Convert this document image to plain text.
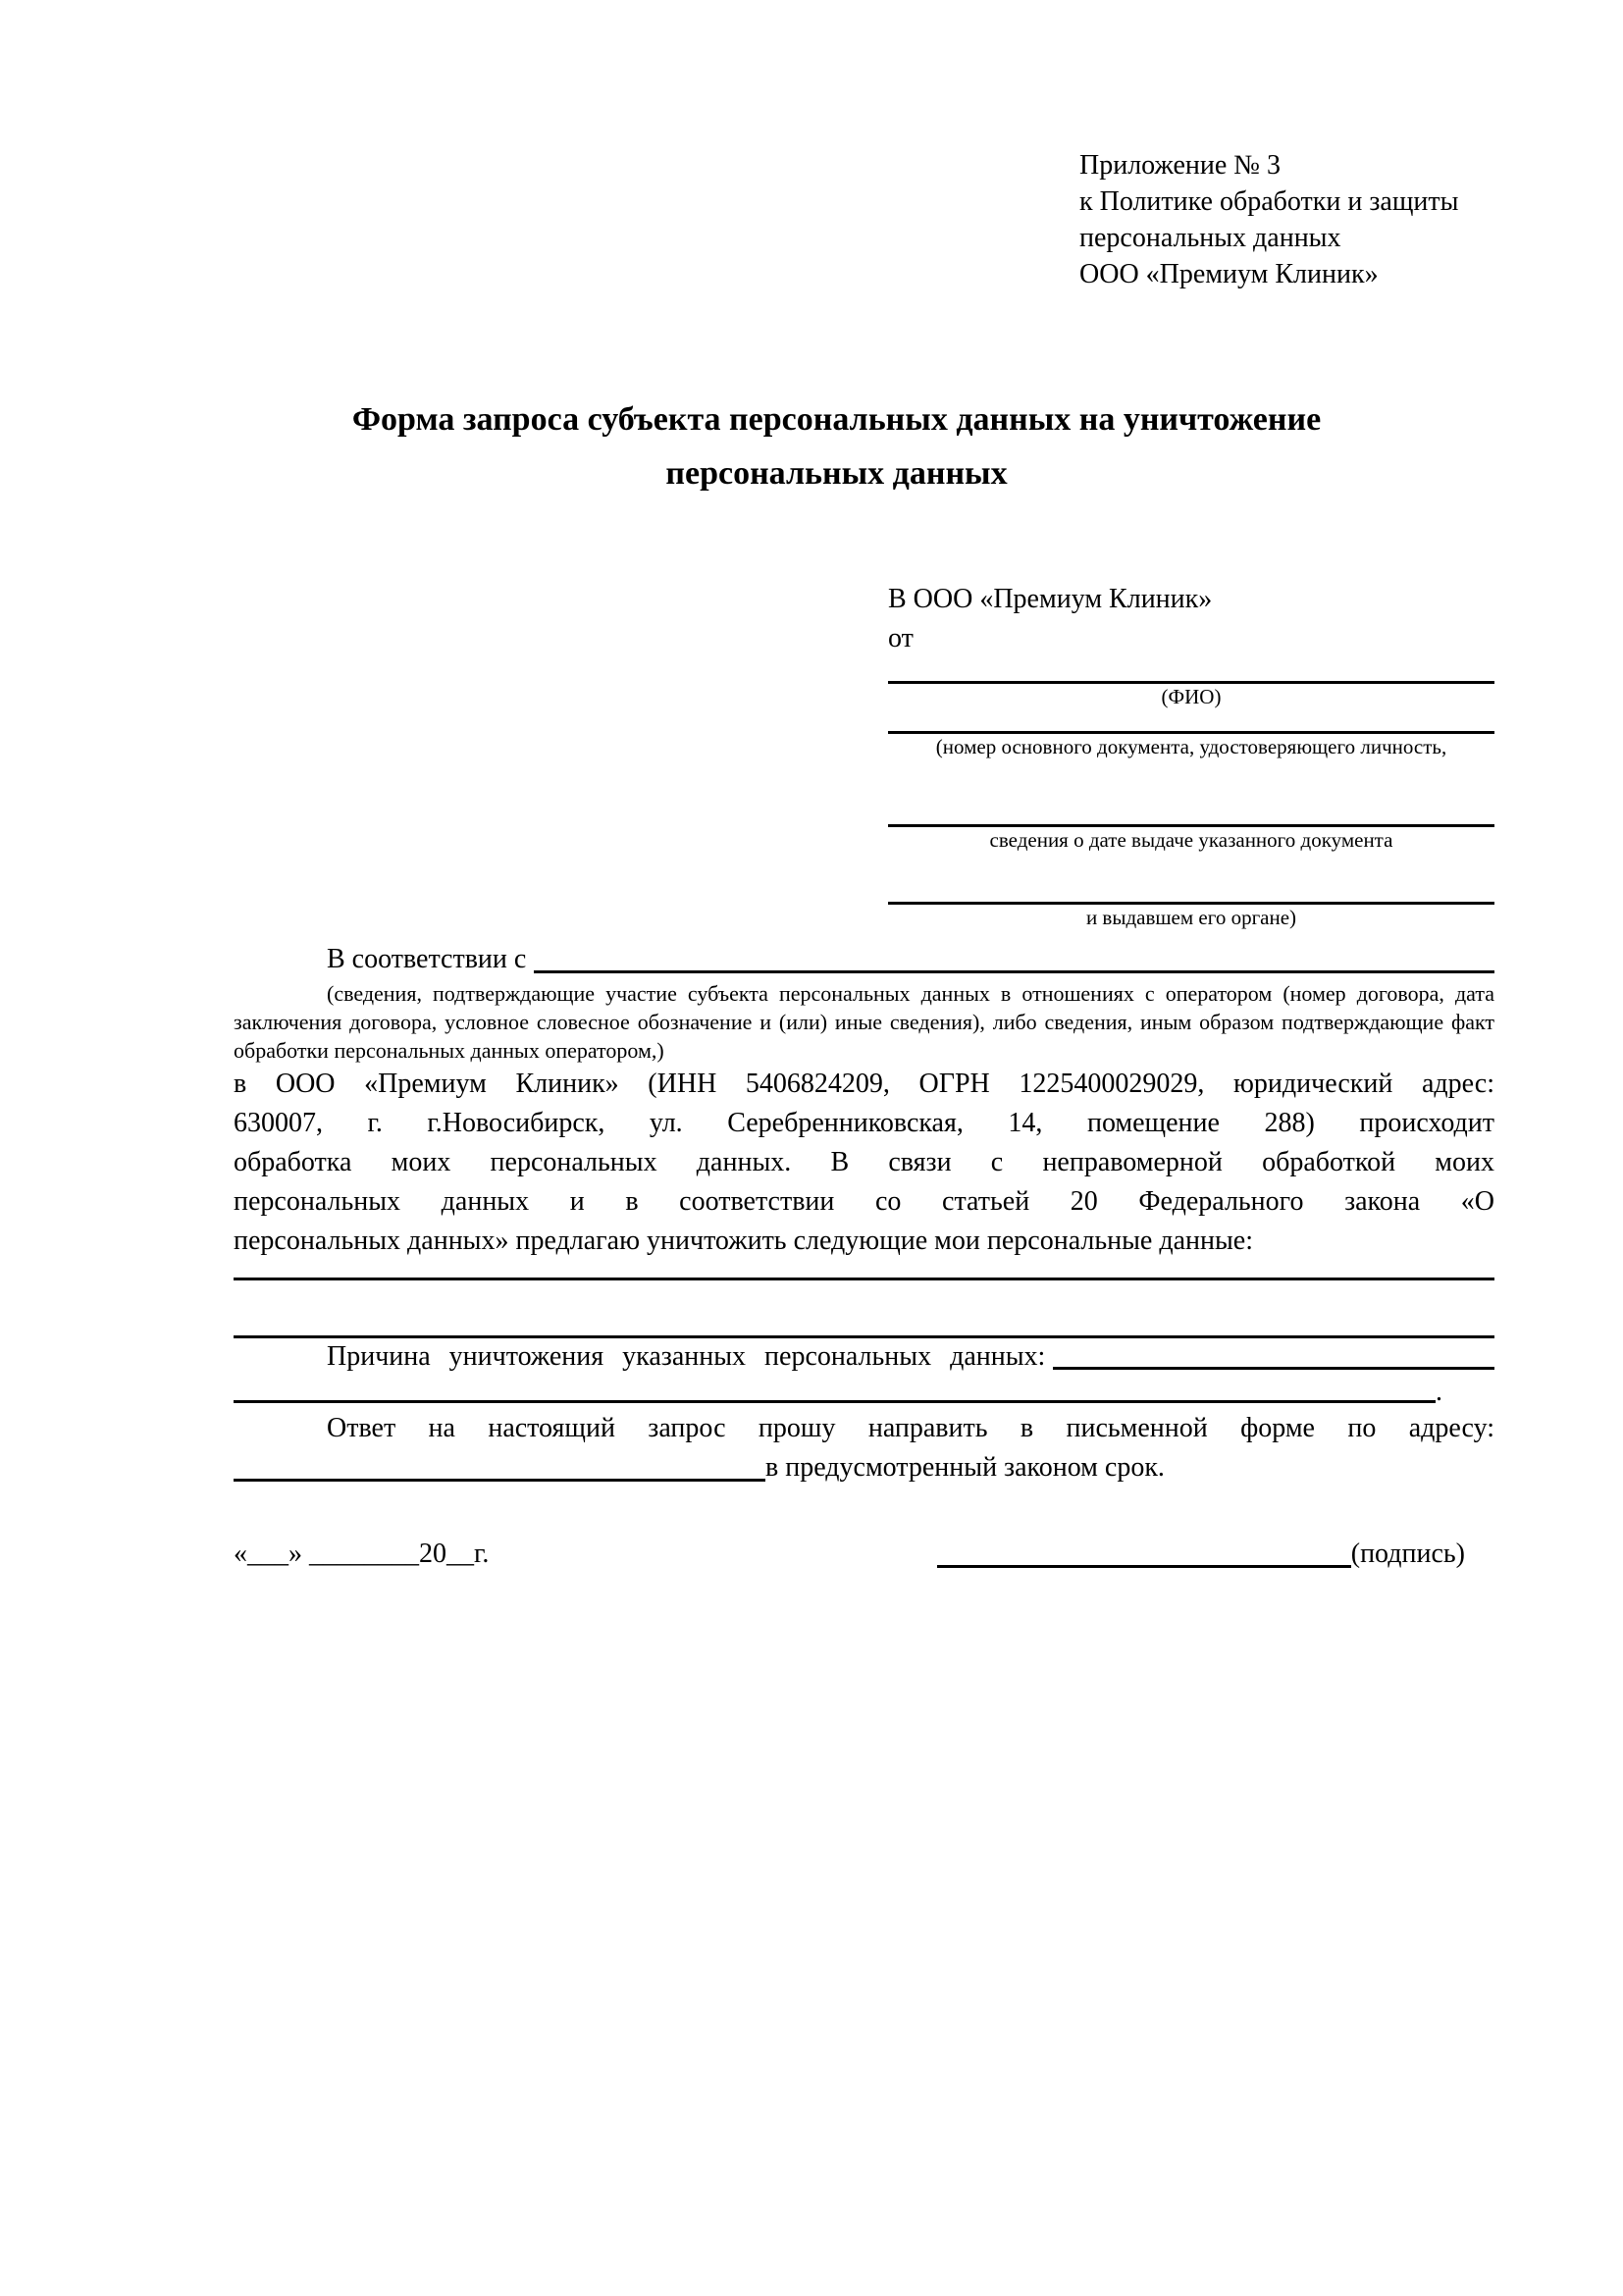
Приложение № 3
к Политике обработки и защиты
персональных данных
ООО «Премиум Клиник»
Форма запроса субъекта персональных данных на уничтожение
персональных данных
В ООО «Премиум Клиник»
от
(ФИО)
(номер основного документа, удостоверяющего личность,
сведения о дате выдаче указанного документа
и выдавшем его органе)
В соответствии с
(сведения, подтверждающие участие субъекта персональных данных в отношениях с оператором (номер договора, дата
заключения договора, условное словесное обозначение и (или) иные сведения), либо сведения, иным образом подтверждающие факт
обработки персональных данных оператором,)
в ООО «Премиум Клиник» (ИНН 5406824209, ОГРН 1225400029029, юридический адрес:
630007, г. г.Новосибирск, ул. Серебренниковская, 14, помещение 288) происходит
обработка моих персональных данных. В связи с неправомерной обработкой моих
персональных данных и в соответствии со статьей 20 Федерального закона «О
персональных данных» предлагаю уничтожить следующие мои персональные данные:
Причина уничтожения указанных персональных данных:
.
Ответ на настоящий запрос прошу направить в письменной форме по адресу:
в предусмотренный законом срок.
«___» ________20__г.	(подпись)
